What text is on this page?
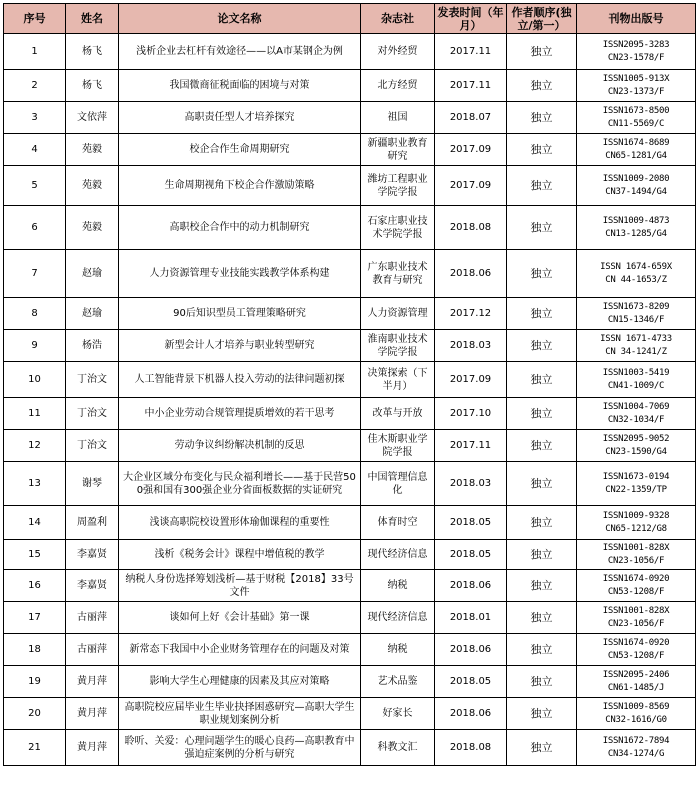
序号	姓名	论文名称	杂志社	发表时间（年月）	作者顺序(独立/第一）	刊物出版号
1	杨飞	浅析企业去杠杆有效途径——以A市某钢企为例	对外经贸	2017.11	独立	ISSN2095-3283
CN23-1578/F

2	杨飞	我国微商征税面临的困境与对策	北方经贸	2017.11	独立	ISSN1005-913X
CN23-1373/F

3	文依萍	高职责任型人才培养探究	祖国	2018.07	独立	ISSN1673-8500
CN11-5569/C

4	苑毅	校企合作生命周期研究	新疆职业教育研究	2017.09	独立	ISSN1674-8689
CN65-1281/G4

5	苑毅	生命周期视角下校企合作激励策略	潍坊工程职业学院学报	2017.09	独立	ISSN1009-2080
CN37-1494/G4

6	苑毅	高职校企合作中的动力机制研究	石家庄职业技术学院学报	2018.08	独立	ISSN1009-4873
CN13-1285/G4

7	赵瑜	人力资源管理专业技能实践教学体系构建	广东职业技术教育与研究	2018.06	独立	ISSN 1674-659X
CN 44-1653/Z

8	赵瑜	90后知识型员工管理策略研究	人力资源管理	2017.12	独立	ISSN1673-8209
CN15-1346/F

9	杨浩	新型会计人才培养与职业转型研究	淮南职业技术学院学报	2018.03	独立	ISSN 1671-4733
CN 34-1241/Z

10	丁治文	人工智能背景下机器人投入劳动的法律问题初探	决策探索（下半月）	2017.09	独立	ISSN1003-5419
CN41-1009/C

11	丁治文	中小企业劳动合规管理提质增效的若干思考	改革与开放	2017.10	独立	ISSN1004-7069
CN32-1034/F

12	丁治文	劳动争议纠纷解决机制的反思	佳木斯职业学院学报	2017.11	独立	ISSN2095-9052
CN23-1590/G4

13	谢琴	大企业区域分布变化与民众福利增长——基于民营500强和国有300强企业分省面板数据的实证研究	中国管理信息化	2018.03	独立	ISSN1673-0194
CN22-1359/TP

14	周盈利	浅谈高职院校设置形体瑜伽课程的重要性	体育时空	2018.05	独立	ISSN1009-9328
CN65-1212/G8

15	李嘉贤	浅析《税务会计》课程中增值税的教学	现代经济信息	2018.05	独立	ISSN1001-828X
CN23-1056/F

16	李嘉贤	纳税人身份选择筹划浅析—基于财税【2018】33号文件	纳税	2018.06	独立	ISSN1674-0920
CN53-1208/F

17	古丽萍	谈如何上好《会计基础》第一课	现代经济信息	2018.01	独立	ISSN1001-828X
CN23-1056/F

18	古丽萍	新常态下我国中小企业财务管理存在的问题及对策	纳税	2018.06	独立	ISSN1674-0920
CN53-1208/F

19	黄月萍	影响大学生心理健康的因素及其应对策略	艺术品鉴	2018.05	独立	ISSN2095-2406
CN61-1485/J

20	黄月萍	高职院校应届毕业生毕业抉择困惑研究—高职大学生职业规划案例分析	好家长	2018.06	独立	ISSN1009-8569
CN32-1616/G0

21	黄月萍	聆听、关爱：心理问题学生的暖心良药—高职教育中强迫症案例的分析与研究	科教文汇	2018.08	独立	ISSN1672-7894
CN34-1274/G
